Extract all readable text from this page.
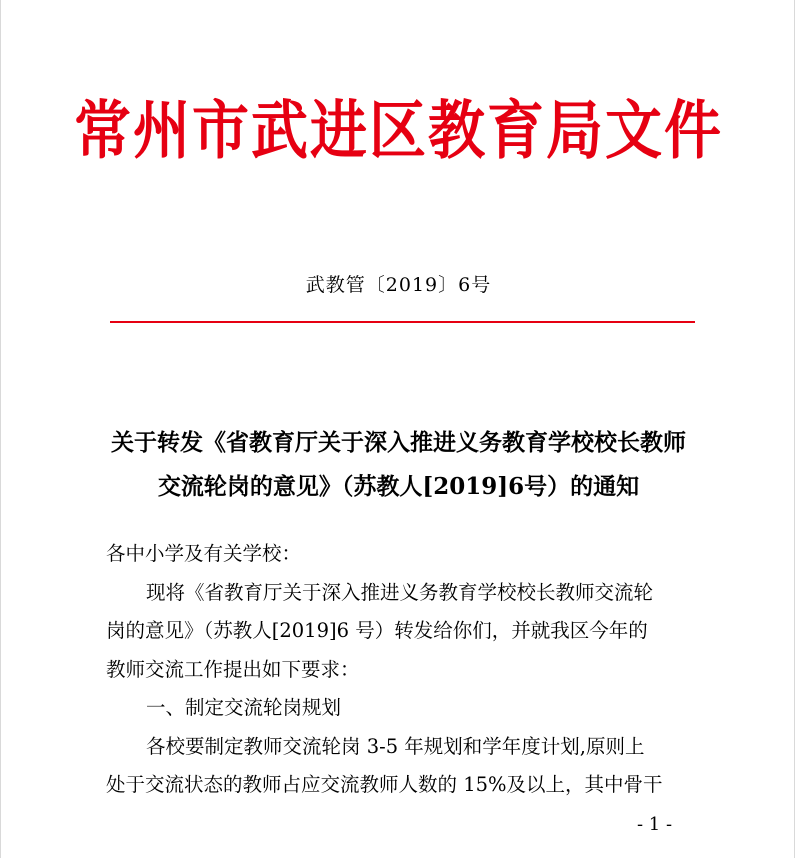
常州市武进区教育局文件
武教管〔2019〕6号
关于转发《省教育厅关于深入推进义务教育学校校长教师
交流轮岗的意见》（苏教人[2019]6号）的通知
各中小学及有关学校：
现将《省教育厅关于深入推进义务教育学校校长教师交流轮
岗的意见》（苏教人[2019]6 号）转发给你们，并就我区今年的
教师交流工作提出如下要求：
一、制定交流轮岗规划
各校要制定教师交流轮岗 3-5 年规划和学年度计划,原则上
处于交流状态的教师占应交流教师人数的 15%及以上，其中骨干
- 1 -
